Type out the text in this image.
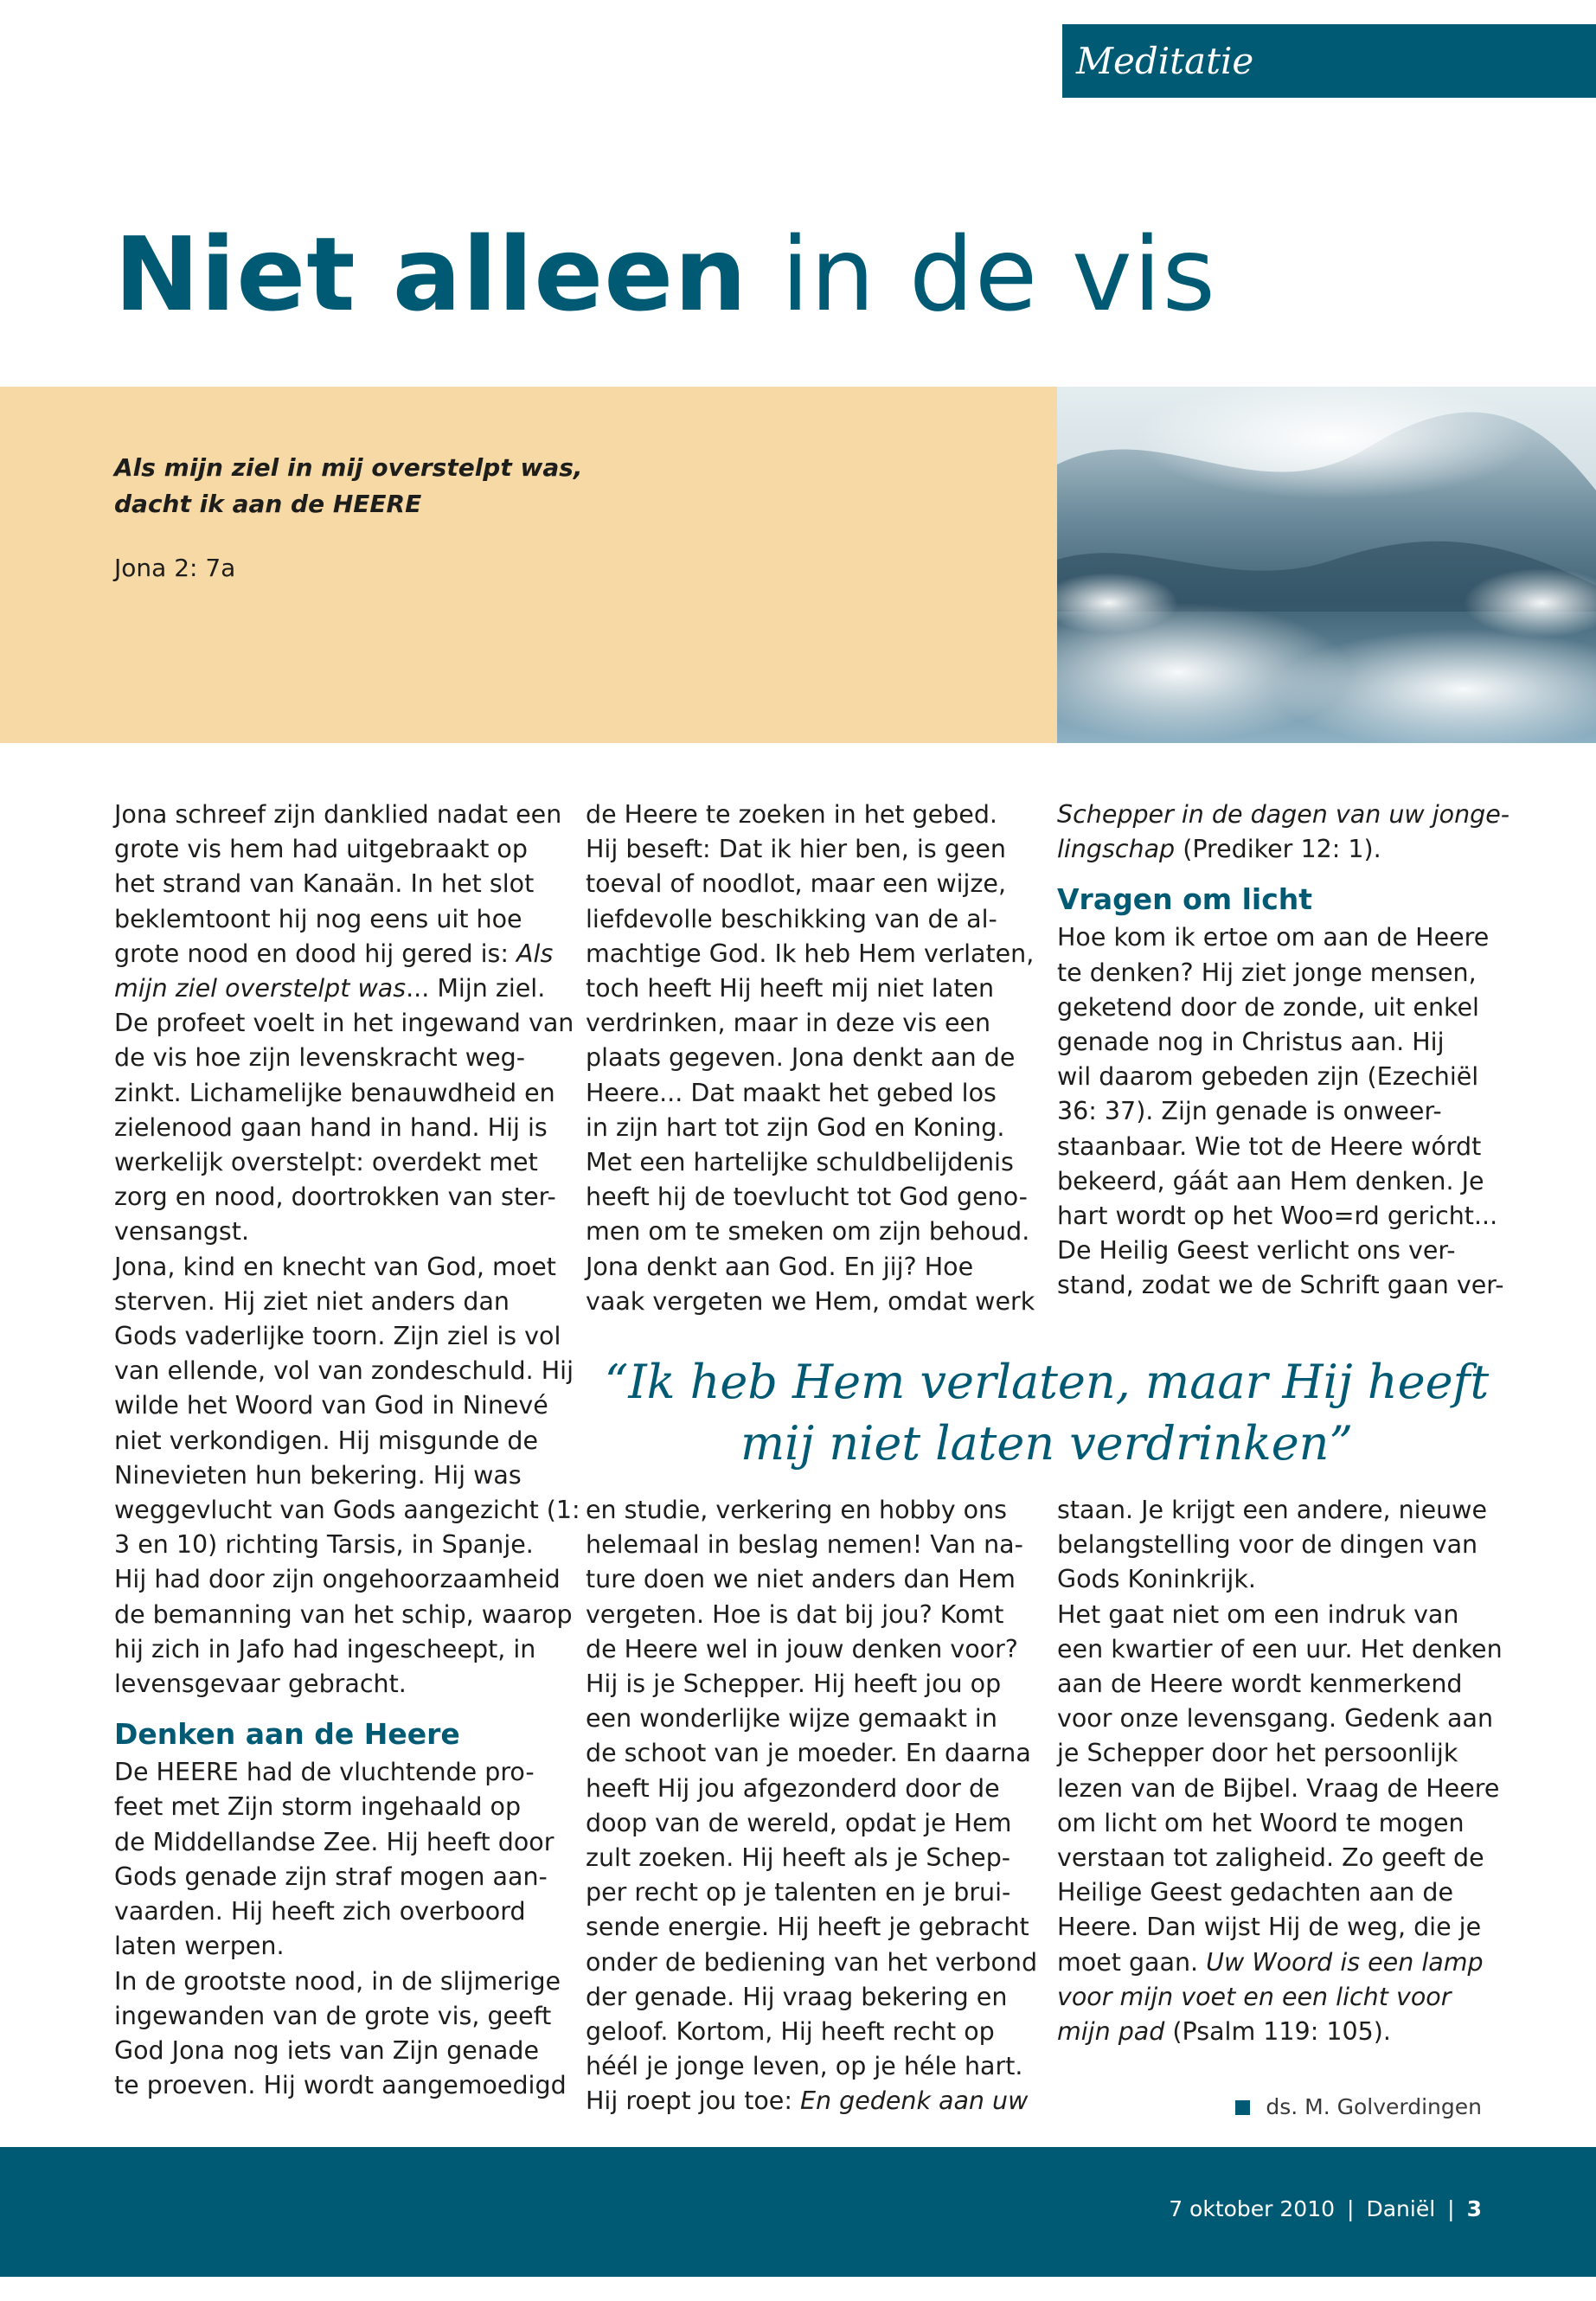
Meditatie
Niet alleen in de vis

Als mijn ziel in mij overstelpt was,
dacht ik aan de HEERE

Jona 2: 7a

Jona schreef zijn danklied nadat een

grote vis hem had uitgebraakt op

het strand van Kanaän. In het slot

beklemtoont hij nog eens uit hoe

grote nood en dood hij gered is: Als

mijn ziel overstelpt was... Mijn ziel.

De profeet voelt in het ingewand van

de vis hoe zijn levenskracht weg-

zinkt. Lichamelijke benauwdheid en

zielenood gaan hand in hand. Hij is

werkelijk overstelpt: overdekt met

zorg en nood, doortrokken van ster-

vensangst.

Jona, kind en knecht van God, moet

sterven. Hij ziet niet anders dan

Gods vaderlijke toorn. Zijn ziel is vol

van ellende, vol van zondeschuld. Hij

wilde het Woord van God in Ninevé

niet verkondigen. Hij misgunde de

Ninevieten hun bekering. Hij was

weggevlucht van Gods aangezicht (1:

3 en 10) richting Tarsis, in Spanje.

Hij had door zijn ongehoorzaamheid

de bemanning van het schip, waarop

hij zich in Jafo had ingescheept, in

levensgevaar gebracht.

Denken aan de Heere

De HEERE had de vluchtende pro-

feet met Zijn storm ingehaald op

de Middellandse Zee. Hij heeft door

Gods genade zijn straf mogen aan-

vaarden. Hij heeft zich overboord

laten werpen.

In de grootste nood, in de slijmerige

ingewanden van de grote vis, geeft

God Jona nog iets van Zijn genade

te proeven. Hij wordt aangemoedigd

de Heere te zoeken in het gebed.

Hij beseft: Dat ik hier ben, is geen

toeval of noodlot, maar een wijze,

liefdevolle beschikking van de al-

machtige God. Ik heb Hem verlaten,

toch heeft Hij heeft mij niet laten

verdrinken, maar in deze vis een

plaats gegeven. Jona denkt aan de

Heere... Dat maakt het gebed los

in zijn hart tot zijn God en Koning.

Met een hartelijke schuldbelijdenis

heeft hij de toevlucht tot God geno-

men om te smeken om zijn behoud.

Jona denkt aan God. En jij? Hoe

vaak vergeten we Hem, omdat werk

Schepper in de dagen van uw jonge-

lingschap (Prediker 12: 1).

Vragen om licht

Hoe kom ik ertoe om aan de Heere

te denken? Hij ziet jonge mensen,

geketend door de zonde, uit enkel

genade nog in Christus aan. Hij

wil daarom gebeden zijn (Ezechiël

36: 37). Zijn genade is onweer-

staanbaar. Wie tot de Heere wórdt

bekeerd, gáát aan Hem denken. Je

hart wordt op het Woo=rd gericht...

De Heilig Geest verlicht ons ver-

stand, zodat we de Schrift gaan ver-

“Ik heb Hem verlaten, maar Hij heeft
mij niet laten verdrinken”

en studie, verkering en hobby ons

helemaal in beslag nemen! Van na-

ture doen we niet anders dan Hem

vergeten. Hoe is dat bij jou? Komt

de Heere wel in jouw denken voor?

Hij is je Schepper. Hij heeft jou op

een wonderlijke wijze gemaakt in

de schoot van je moeder. En daarna

heeft Hij jou afgezonderd door de

doop van de wereld, opdat je Hem

zult zoeken. Hij heeft als je Schep-

per recht op je talenten en je brui-

sende energie. Hij heeft je gebracht

onder de bediening van het verbond

der genade. Hij vraag bekering en

geloof. Kortom, Hij heeft recht op

héél je jonge leven, op je héle hart.

Hij roept jou toe: En gedenk aan uw

staan. Je krijgt een andere, nieuwe

belangstelling voor de dingen van

Gods Koninkrijk.

Het gaat niet om een indruk van

een kwartier of een uur. Het denken

aan de Heere wordt kenmerkend

voor onze levensgang. Gedenk aan

je Schepper door het persoonlijk

lezen van de Bijbel. Vraag de Heere

om licht om het Woord te mogen

verstaan tot zaligheid. Zo geeft de

Heilige Geest gedachten aan de

Heere. Dan wijst Hij de weg, die je

moet gaan. Uw Woord is een lamp

voor mijn voet en een licht voor

mijn pad (Psalm 119: 105).

ds. M. Golverdingen
7 oktober 2010 | Daniël | 3
